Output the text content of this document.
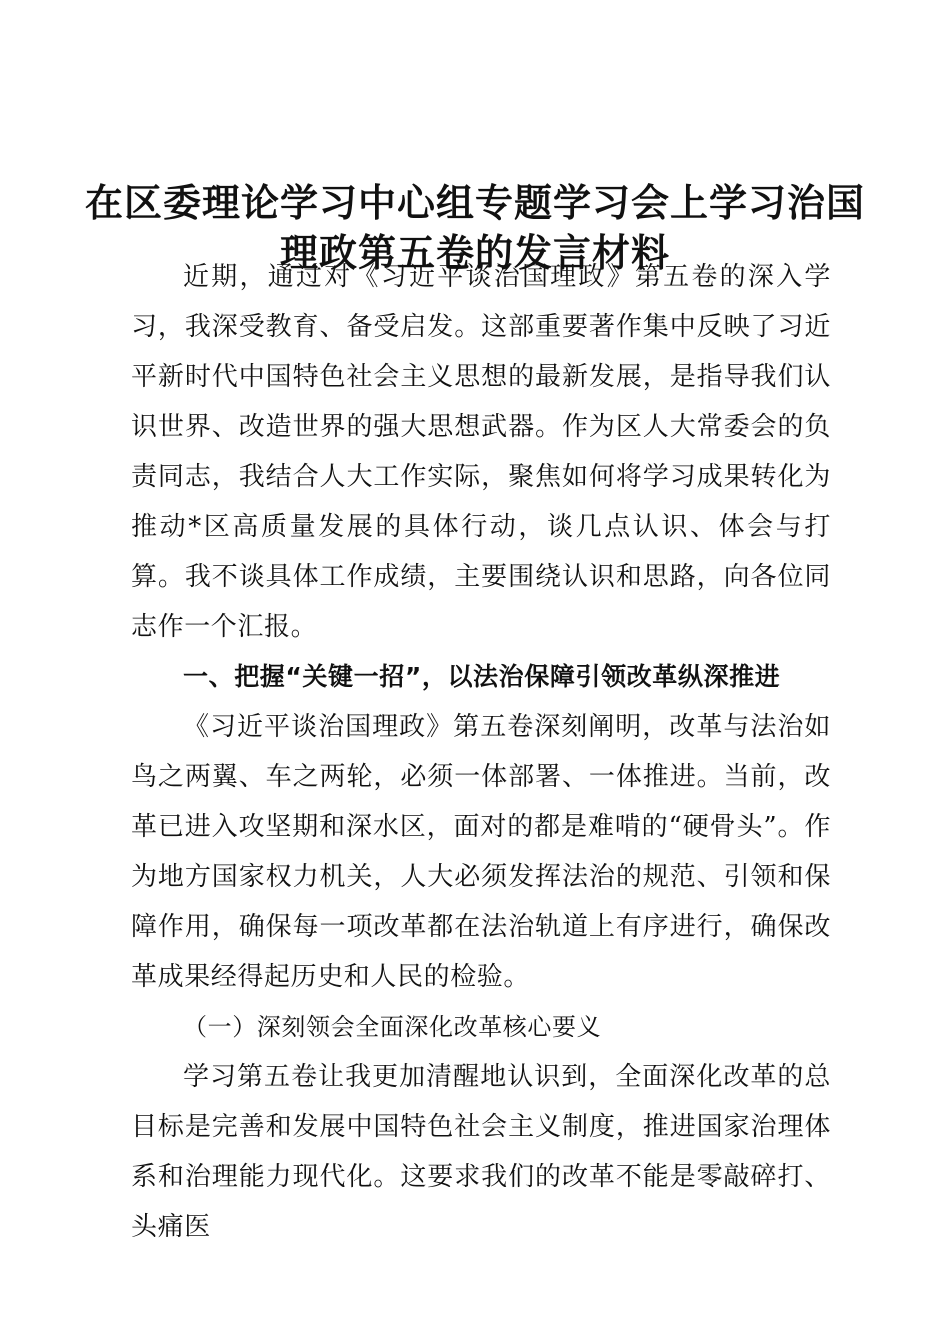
在区委理论学习中心组专题学习会上学习治国
理政第五卷的发言材料

近期，通过对《习近平谈治国理政》第五卷的深入学习，我深受教育、备受启发。这部重要著作集中反映了习近平新时代中国特色社会主义思想的最新发展，是指导我们认识世界、改造世界的强大思想武器。作为区人大常委会的负责同志，我结合人大工作实际，聚焦如何将学习成果转化为推动*区高质量发展的具体行动，谈几点认识、体会与打算。我不谈具体工作成绩，主要围绕认识和思路，向各位同志作一个汇报。

一、把握“关键一招”，以法治保障引领改革纵深推进

《习近平谈治国理政》第五卷深刻阐明，改革与法治如鸟之两翼、车之两轮，必须一体部署、一体推进。当前，改革已进入攻坚期和深水区，面对的都是难啃的“硬骨头”。作为地方国家权力机关，人大必须发挥法治的规范、引领和保障作用，确保每一项改革都在法治轨道上有序进行，确保改革成果经得起历史和人民的检验。

（一）深刻领会全面深化改革核心要义

学习第五卷让我更加清醒地认识到，全面深化改革的总目标是完善和发展中国特色社会主义制度，推进国家治理体系和治理能力现代化。这要求我们的改革不能是零敲碎打、头痛医
